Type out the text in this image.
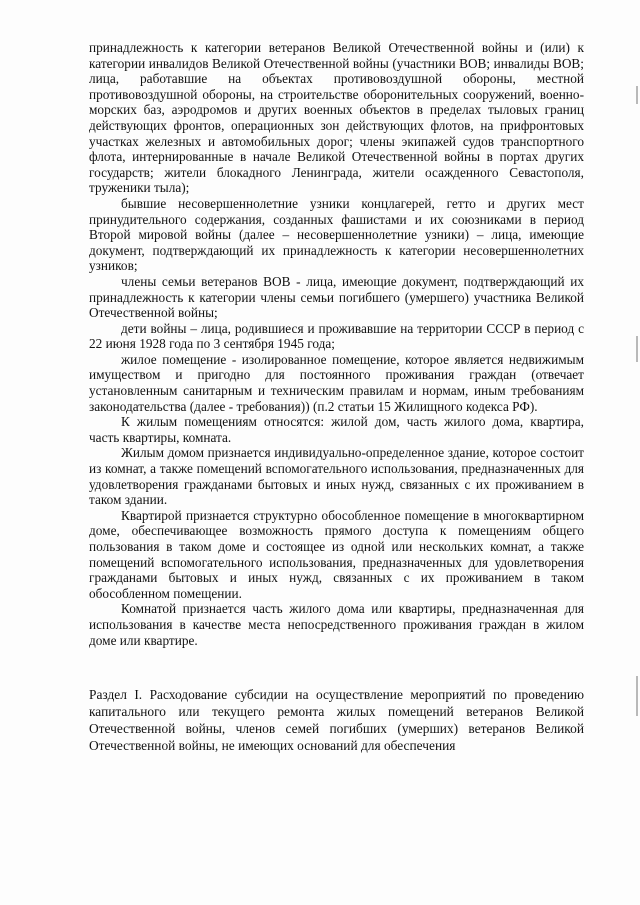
принадлежность к категории ветеранов Великой Отечественной войны и (или) к категории инвалидов Великой Отечественной войны (участники ВОВ; инвалиды ВОВ; лица, работавшие на объектах противовоздушной обороны, местной противовоздушной обороны, на строительстве оборонительных сооружений, военно-морских баз, аэродромов и других военных объектов в пределах тыловых границ действующих фронтов, операционных зон действующих флотов, на прифронтовых участках железных и автомобильных дорог; члены экипажей судов транспортного флота, интернированные в начале Великой Отечественной войны в портах других государств; жители блокадного Ленинграда, жители осажденного Севастополя, труженики тыла);

бывшие несовершеннолетние узники концлагерей, гетто и других мест принудительного содержания, созданных фашистами и их союзниками в период Второй мировой войны (далее – несовершеннолетние узники) – лица, имеющие документ, подтверждающий их принадлежность к категории несовершеннолетних узников;

члены семьи ветеранов ВОВ - лица, имеющие документ, подтверждающий их принадлежность к категории члены семьи погибшего (умершего) участника Великой Отечественной войны;

дети войны – лица, родившиеся и проживавшие на территории СССР в период с 22 июня 1928 года по 3 сентября 1945 года;

жилое помещение - изолированное помещение, которое является недвижимым имуществом и пригодно для постоянного проживания граждан (отвечает установленным санитарным и техническим правилам и нормам, иным требованиям законодательства (далее - требования)) (п.2 статьи 15 Жилищного кодекса РФ).

К жилым помещениям относятся: жилой дом, часть жилого дома, квартира, часть квартиры, комната.

Жилым домом признается индивидуально-определенное здание, которое состоит из комнат, а также помещений вспомогательного использования, предназначенных для удовлетворения гражданами бытовых и иных нужд, связанных с их проживанием в таком здании.

Квартирой признается структурно обособленное помещение в многоквартирном доме, обеспечивающее возможность прямого доступа к помещениям общего пользования в таком доме и состоящее из одной или нескольких комнат, а также помещений вспомогательного использования, предназначенных для удовлетворения гражданами бытовых и иных нужд, связанных с их проживанием в таком обособленном помещении.

Комнатой признается часть жилого дома или квартиры, предназначенная для использования в качестве места непосредственного проживания граждан в жилом доме или квартире.

Раздел I. Расходование субсидии на осуществление мероприятий по проведению капитального или текущего ремонта жилых помещений ветеранов Великой Отечественной войны, членов семей погибших (умерших) ветеранов Великой Отечественной войны, не имеющих оснований для обеспечения
